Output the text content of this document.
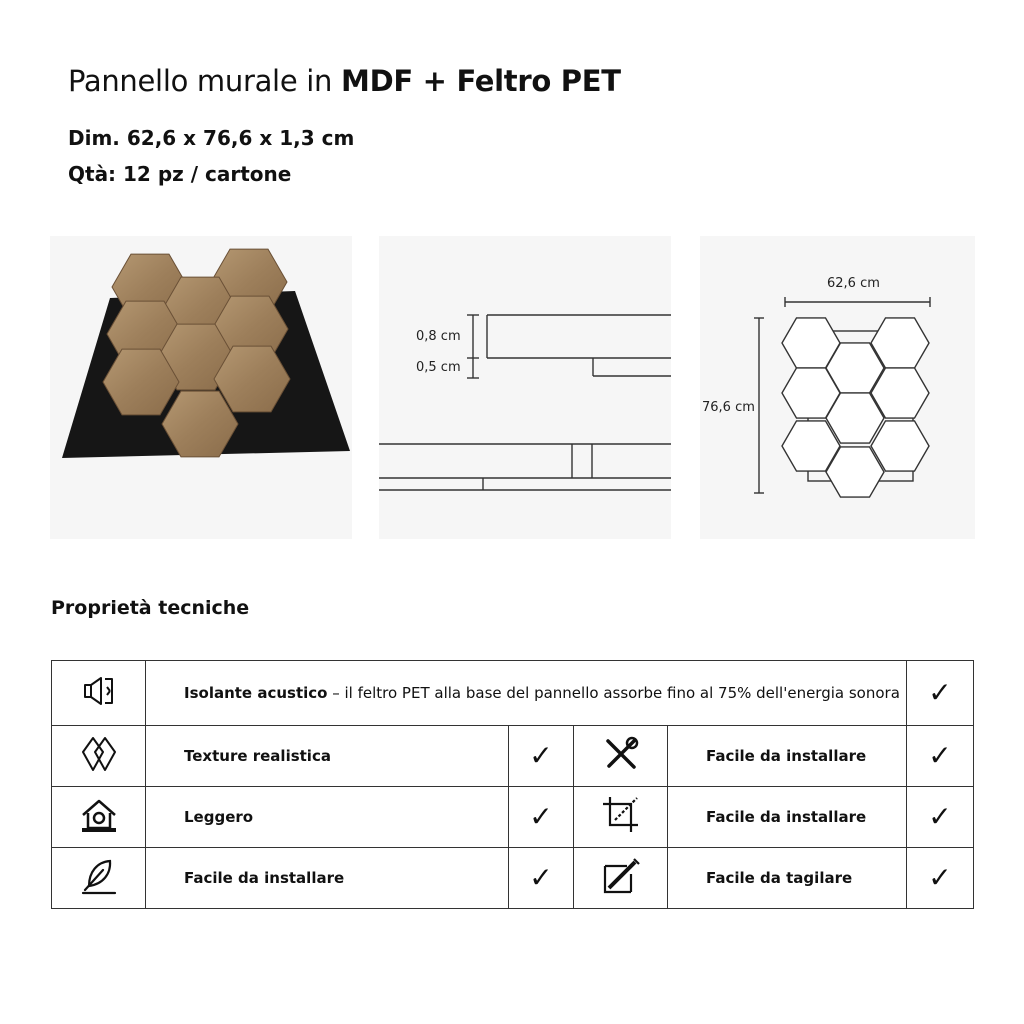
Pannello murale in MDF + Feltro PET
Dim. 62,6 x 76,6 x 1,3 cm
Qtà: 12 pz / cartone
0,8 cm
0,5 cm
62,6 cm
76,6 cm
Proprietà tecniche
	Isolante acustico – il feltro PET alla base del pannello assorbe fino al 75% dell'energia sonora				✓
	Texture realistica	✓		Facile da installare	✓
	Leggero	✓		Facile da installare	✓
	Facile da installare	✓		Facile da tagilare	✓
